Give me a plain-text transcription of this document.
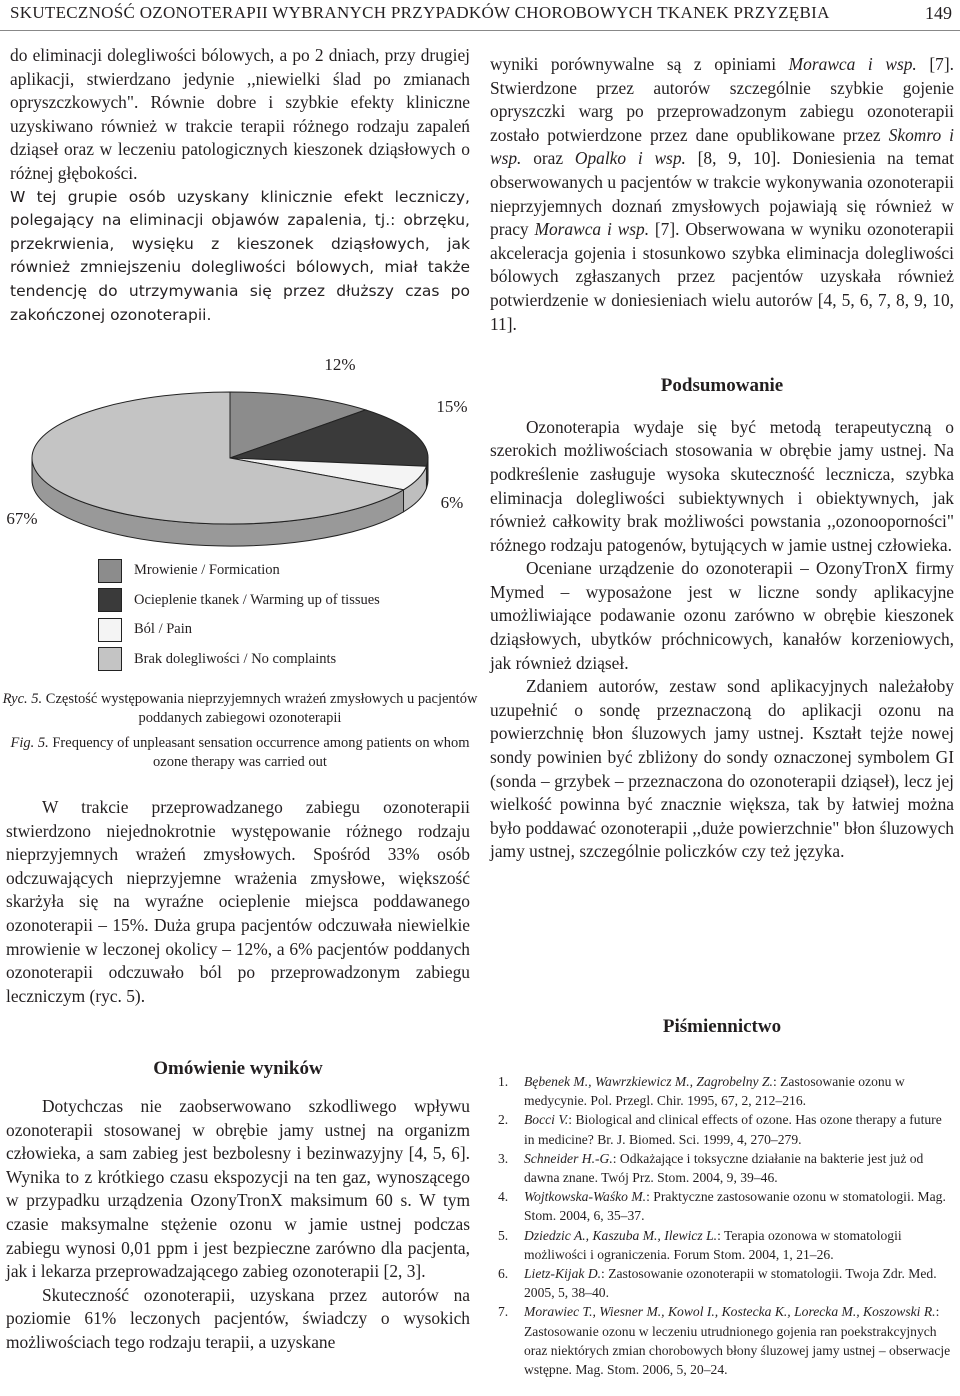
SKUTECZNOŚĆ OZONOTERAPII WYBRANYCH PRZYPADKÓW CHOROBOWYCH TKANEK PRZYZĘBIA	149

do eliminacji dolegliwości bólowych, a po 2 dniach, przy drugiej aplikacji, stwierdzano jedynie ,,niewielki ślad po zmianach opryszczkowych". Równie dobre i szybkie efekty kliniczne uzyskiwano również w trakcie terapii różnego rodzaju zapaleń dziąseł oraz w leczeniu patologicznych kieszonek dziąsłowych o różnej głębokości.

W tej grupie osób uzyskany klinicznie efekt leczniczy, polegający na eliminacji objawów zapalenia, tj.: obrzęku, przekrwienia, wysięku z kieszonek dziąsłowych, jak również zmniejszeniu dolegliwości bólowych, miał także tendencję do utrzymywania się przez dłuższy czas po zakończonej ozonoterapii.

12%
15%
6%
67%
Mrowienie / Formication
Ocieplenie tkanek / Warming up of tissues
Ból / Pain
Brak dolegliwości / No complaints
Ryc. 5. Częstość występowania nieprzyjemnych wrażeń zmysłowych u pacjentów poddanych zabiegowi ozonoterapii
Fig. 5. Frequency of unpleasant sensation occurrence among patients on whom ozone therapy was carried out

W trakcie przeprowadzanego zabiegu ozonoterapii stwierdzono niejednokrotnie występowanie różnego rodzaju nieprzyjemnych wrażeń zmysłowych. Spośród 33% osób odczuwających nieprzyjemne wrażenia zmysłowe, większość skarżyła się na wyraźne ocieplenie miejsca poddawanego ozonoterapii – 15%. Duża grupa pacjentów odczuwała niewielkie mrowienie w leczonej okolicy – 12%, a 6% pacjentów poddanych ozonoterapii odczuwało ból po przeprowadzonym zabiegu leczniczym (ryc. 5).

Omówienie wyników

Dotychczas nie zaobserwowano szkodliwego wpływu ozonoterapii stosowanej w obrębie jamy ustnej na organizm człowieka, a sam zabieg jest bezbolesny i bezinwazyjny [4, 5, 6]. Wynika to z krótkiego czasu ekspozycji na ten gaz, wynoszącego w przypadku urządzenia OzonyTronX maksimum 60 s. W tym czasie maksymalne stężenie ozonu w jamie ustnej podczas zabiegu wynosi 0,01 ppm i jest bezpieczne zarówno dla pacjenta, jak i lekarza przeprowadzającego zabieg ozonoterapii [2, 3].

Skuteczność ozonoterapii, uzyskana przez autorów na poziomie 61% leczonych pacjentów, świadczy o wysokich możliwościach tego rodzaju terapii, a uzyskane

wyniki porównywalne są z opiniami Morawca i wsp. [7]. Stwierdzone przez autorów szczególnie szybkie gojenie opryszczki warg po przeprowadzonym zabiegu ozonoterapii zostało potwierdzone przez dane opublikowane przez Skomro i wsp. oraz Opalko i wsp. [8, 9, 10]. Doniesienia na temat obserwowanych u pacjentów w trakcie wykonywania ozonoterapii nieprzyjemnych doznań zmysłowych pojawiają się również w pracy Morawca i wsp. [7]. Obserwowana w wyniku ozonoterapii akceleracja gojenia i stosunkowo szybka eliminacja dolegliwości bólowych zgłaszanych przez pacjentów uzyskała również potwierdzenie w doniesieniach wielu autorów [4, 5, 6, 7, 8, 9, 10, 11].

Podsumowanie

Ozonoterapia wydaje się być metodą terapeutyczną o szerokich możliwościach stosowania w obrębie jamy ustnej. Na podkreślenie zasługuje wysoka skuteczność lecznicza, szybka eliminacja dolegliwości subiektywnych i obiektywnych, jak również całkowity brak możliwości powstania ,,ozonooporności" różnego rodzaju patogenów, bytujących w jamie ustnej człowieka.

Oceniane urządzenie do ozonoterapii – OzonyTronX firmy Mymed – wyposażone jest w liczne sondy aplikacyjne umożliwiające podawanie ozonu zarówno w obrębie kieszonek dziąsłowych, ubytków próchnicowych, kanałów korzeniowych, jak również dziąseł.

Zdaniem autorów, zestaw sond aplikacyjnych należałoby uzupełnić o sondę przeznaczoną do aplikacji ozonu na powierzchnię błon śluzowych jamy ustnej. Kształt tejże nowej sondy powinien być zbliżony do sondy oznaczonej symbolem GI (sonda – grzybek – przeznaczona do ozonoterapii dziąseł), lecz jej wielkość powinna być znacznie większa, tak by łatwiej można było poddawać ozonoterapii ,,duże powierzchnie" błon śluzowych jamy ustnej, szczególnie policzków czy też języka.

Piśmiennictwo
1. Bębenek M., Wawrzkiewicz M., Zagrobelny Z.: Zastosowanie ozonu w medycynie. Pol. Przegl. Chir. 1995, 67, 2, 212–216.
2. Bocci V.: Biological and clinical effects of ozone. Has ozone therapy a future in medicine? Br. J. Biomed. Sci. 1999, 4, 270–279.
3. Schneider H.-G.: Odkażające i toksyczne działanie na bakterie jest już od dawna znane. Twój Prz. Stom. 2004, 9, 39–46.
4. Wojtkowska-Waśko M.: Praktyczne zastosowanie ozonu w stomatologii. Mag. Stom. 2004, 6, 35–37.
5. Dziedzic A., Kaszuba M., Ilewicz L.: Terapia ozonowa w stomatologii możliwości i ograniczenia. Forum Stom. 2004, 1, 21–26.
6. Lietz-Kijak D.: Zastosowanie ozonoterapii w stomatologii. Twoja Zdr. Med. 2005, 5, 38–40.
7. Morawiec T., Wiesner M., Kowol I., Kostecka K., Lorecka M., Koszowski R.: Zastosowanie ozonu w leczeniu utrudnionego gojenia ran poekstrakcyjnych oraz niektórych zmian chorobowych błony śluzowej jamy ustnej – obserwacje wstępne. Mag. Stom. 2006, 5, 20–24.
